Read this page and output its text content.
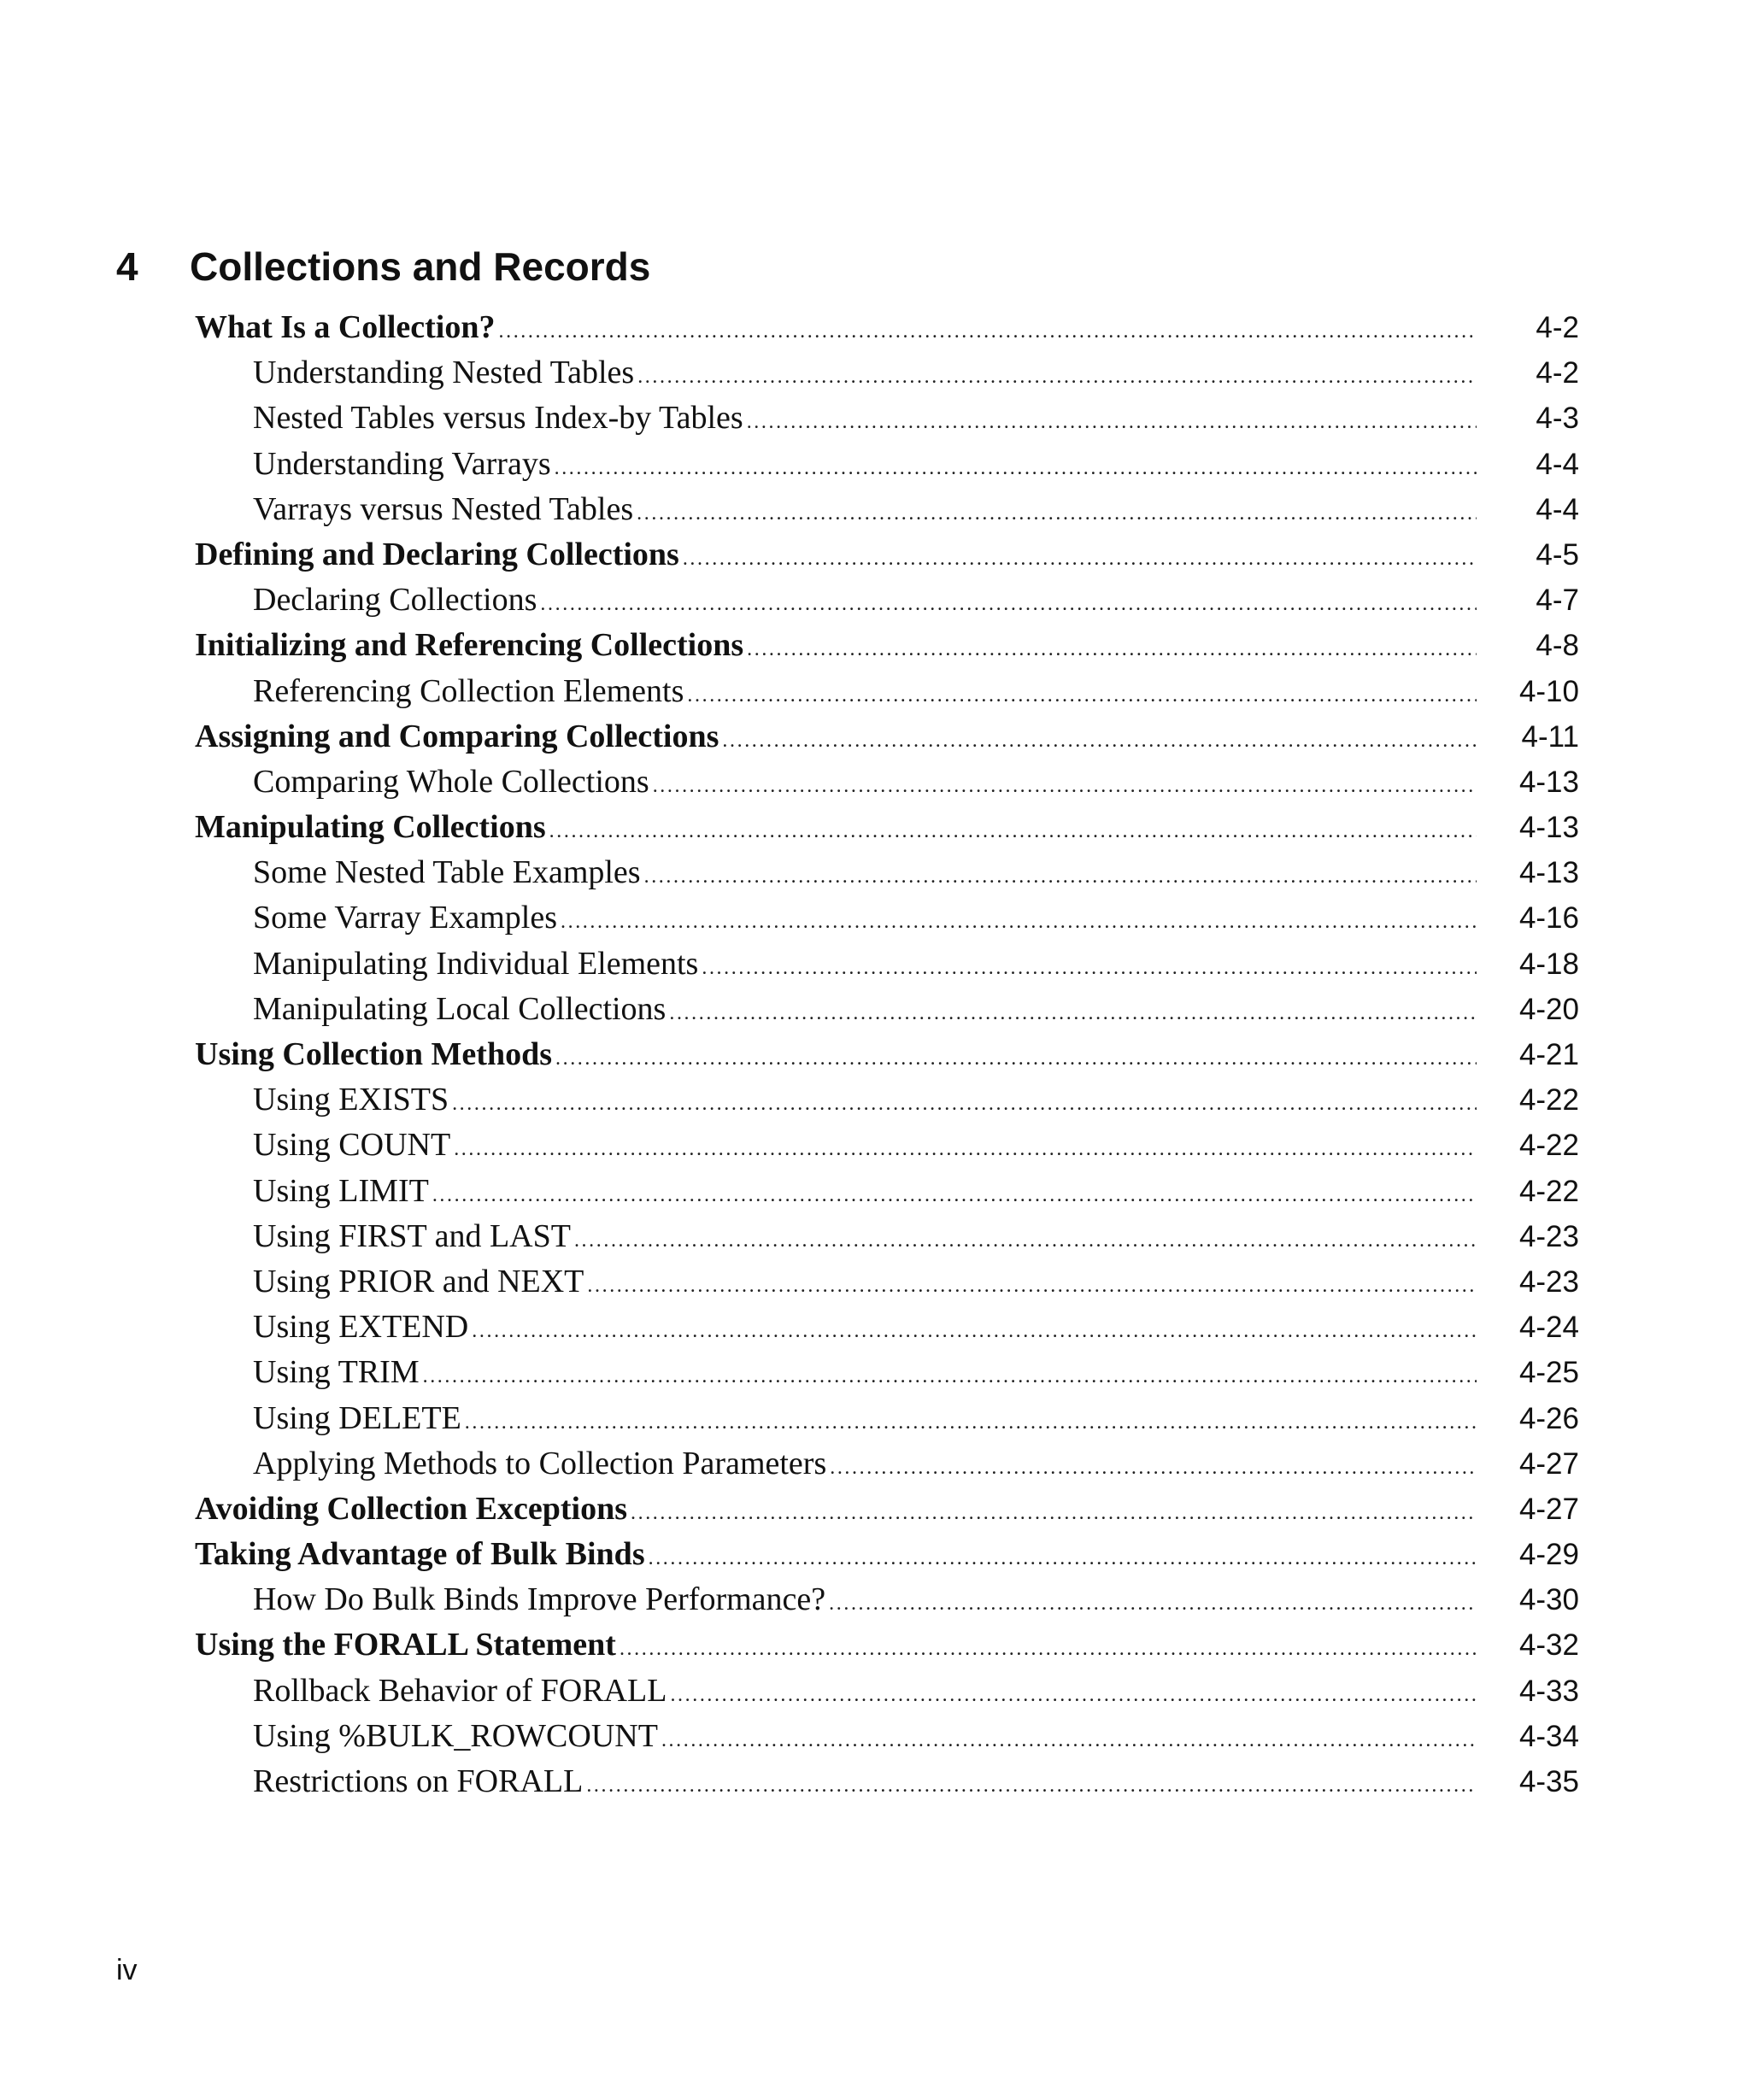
4 Collections and Records
What Is a Collection? .....	4-2
Understanding Nested Tables .....	4-2
Nested Tables versus Index-by Tables .....	4-3
Understanding Varrays .....	4-4
Varrays versus Nested Tables .....	4-4
Defining and Declaring Collections .....	4-5
Declaring Collections .....	4-7
Initializing and Referencing Collections .....	4-8
Referencing Collection Elements .....	4-10
Assigning and Comparing Collections .....	4-11
Comparing Whole Collections .....	4-13
Manipulating Collections .....	4-13
Some Nested Table Examples .....	4-13
Some Varray Examples .....	4-16
Manipulating Individual Elements .....	4-18
Manipulating Local Collections .....	4-20
Using Collection Methods .....	4-21
Using EXISTS .....	4-22
Using COUNT .....	4-22
Using LIMIT .....	4-22
Using FIRST and LAST .....	4-23
Using PRIOR and NEXT .....	4-23
Using EXTEND .....	4-24
Using TRIM .....	4-25
Using DELETE .....	4-26
Applying Methods to Collection Parameters .....	4-27
Avoiding Collection Exceptions .....	4-27
Taking Advantage of Bulk Binds .....	4-29
How Do Bulk Binds Improve Performance? .....	4-30
Using the FORALL Statement .....	4-32
Rollback Behavior of FORALL .....	4-33
Using %BULK_ROWCOUNT .....	4-34
Restrictions on FORALL .....	4-35
iv
